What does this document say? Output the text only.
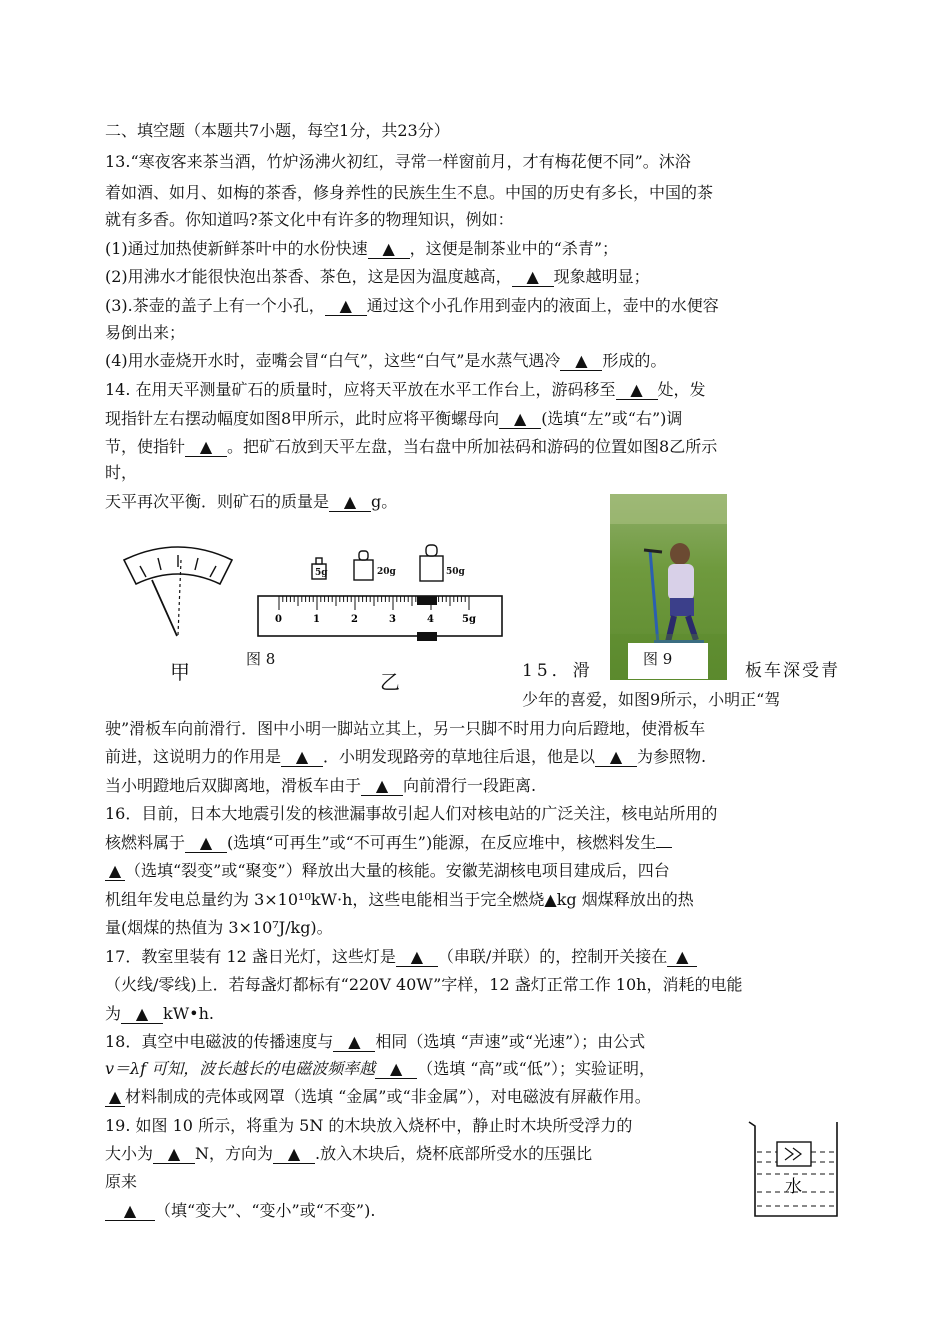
二、填空题（本题共7小题，每空1分，共23分）
13.“寒夜客来茶当酒，竹炉汤沸火初红，寻常一样窗前月，才有梅花便不同”。沐浴
着如酒、如月、如梅的茶香，修身养性的民族生生不息。中国的历史有多长，中国的茶
就有多香。你知道吗?茶文化中有许多的物理知识，例如：
(1)通过加热使新鲜茶叶中的水份快速 ▲ ，这便是制茶业中的“杀青”；
(2)用沸水才能很快泡出茶香、茶色，这是因为温度越高， ▲ 现象越明显；
(3).茶壶的盖子上有一个小孔， ▲ 通过这个小孔作用到壶内的液面上，壶中的水便容
易倒出来；
(4)用水壶烧开水时，壶嘴会冒“白气”，这些“白气”是水蒸气遇冷 ▲ 形成的。
14. 在用天平测量矿石的质量时，应将天平放在水平工作台上，游码移至 ▲ 处，发
现指针左右摆动幅度如图8甲所示，此时应将平衡螺母向 ▲ (选填“左”或“右”)调
节，使指针 ▲ 。把矿石放到天平左盘，当右盘中所加祛码和游码的位置如图8乙所示
时，
天平再次平衡．则矿石的质量是 ▲ g。
甲
5g	20g	50g
0	1	2	3	4	5g
图 8
乙
图 9
15．滑	板车深受青
少年的喜爱，如图9所示，小明正“驾
驶”滑板车向前滑行．图中小明一脚站立其上，另一只脚不时用力向后蹬地，使滑板车
前进，这说明力的作用是 ▲ ．小明发现路旁的草地往后退，他是以 ▲ 为参照物.
当小明蹬地后双脚离地，滑板车由于 ▲ 向前滑行一段距离.
16．目前，日本大地震引发的核泄漏事故引起人们对核电站的广泛关注，核电站所用的
核燃料属于 ▲ (选填“可再生”或“不可再生”)能源，在反应堆中，核燃料发生
▲ （选填“裂变”或“聚变”）释放出大量的核能。安徽芜湖核电项目建成后，四台
机组年发电总量约为 3×10¹⁰kW·h，这些电能相当于完全燃烧▲kg 烟煤释放出的热
量(烟煤的热值为 3×10⁷J/kg)。
17．教室里装有 12 盏日光灯，这些灯是 ▲ （串联/并联）的，控制开关接在 ▲
（火线/零线)上．若每盏灯都标有“220V 40W”字样，12 盏灯正常工作 10h，消耗的电能
为 ▲ kW•h.
18．真空中电磁波的传播速度与 ▲ 相同（选填 “声速”或“光速”）；由公式
v＝λf 可知，波长越长的电磁波频率越 ▲ （选填 “高”或“低”）；实验证明，
▲ 材料制成的壳体或网罩（选填 “金属”或“非金属”），对电磁波有屏蔽作用。
19. 如图 10 所示，将重为 5N 的木块放入烧杯中，静止时木块所受浮力的
大小为 ▲ N，方向为 ▲ .放入木块后，烧杯底部所受水的压强比
原来
▲ （填“变大”、“变小”或“不变”).
水
